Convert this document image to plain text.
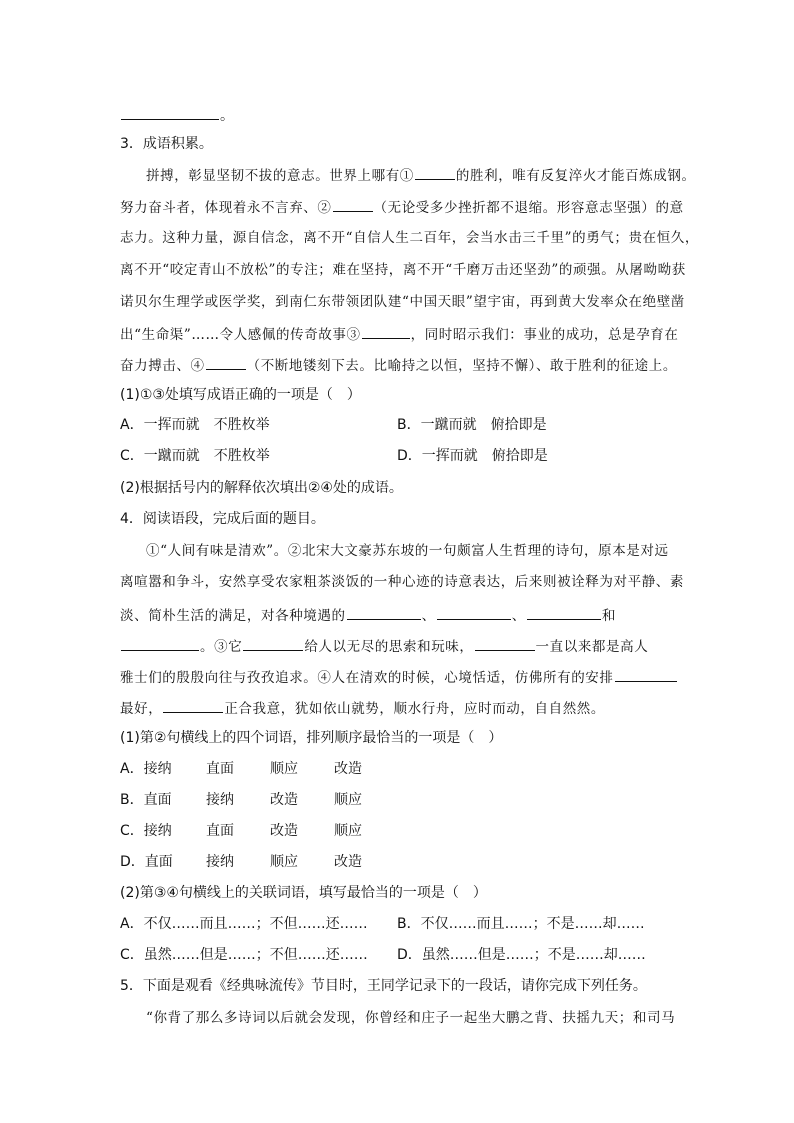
。
3．成语积累。
拼搏，彰显坚韧不拔的意志。世界上哪有①	的胜利，唯有反复淬火才能百炼成钢。
努力奋斗者，体现着永不言弃、②	（无论受多少挫折都不退缩。形容意志坚强）的意
志力。这种力量，源自信念，离不开“自信人生二百年，会当水击三千里”的勇气；贵在恒久，
离不开“咬定青山不放松”的专注；难在坚持，离不开“千磨万击还坚劲”的顽强。从屠呦呦获
诺贝尔生理学或医学奖，到南仁东带领团队建“中国天眼”望宇宙，再到黄大发率众在绝壁凿
出“生命渠”……令人感佩的传奇故事③	，同时昭示我们：事业的成功，总是孕育在
奋力搏击、④	（不断地镂刻下去。比喻持之以恒，坚持不懈）、敢于胜利的征途上。
(1)①③处填写成语正确的一项是（　）
A．一挥而就　不胜枚举	B．一蹴而就　俯拾即是
C．一蹴而就　不胜枚举	D．一挥而就　俯拾即是
(2)根据括号内的解释依次填出②④处的成语。
4．阅读语段，完成后面的题目。
①“人间有味是清欢”。②北宋大文豪苏东坡的一句颇富人生哲理的诗句，原本是对远
离喧嚣和争斗，安然享受农家粗茶淡饭的一种心迹的诗意表达，后来则被诠释为对平静、素
淡、简朴生活的满足，对各种境遇的	、	、	和
。③它	给人以无尽的思索和玩味，	一直以来都是高人
雅士们的殷殷向往与孜孜追求。④人在清欢的时候，心境恬适，仿佛所有的安排
最好，	正合我意，犹如依山就势，顺水行舟，应时而动，自自然然。
(1)第②句横线上的四个词语，排列顺序最恰当的一项是（　）
A．接纳 直面	顺应	改造
B．直面 接纳	改造	顺应
C．接纳 直面	改造	顺应
D．直面 接纳	顺应	改造
(2)第③④句横线上的关联词语，填写最恰当的一项是（　）
A．不仅……而且……；不但……还…… B．不仅……而且……；不是……却……
C．虽然……但是……；不但……还…… D．虽然……但是……；不是……却……
5．下面是观看《经典咏流传》节目时，王同学记录下的一段话，请你完成下列任务。
“你背了那么多诗词以后就会发现，你曾经和庄子一起坐大鹏之背、扶摇九天；和司马
